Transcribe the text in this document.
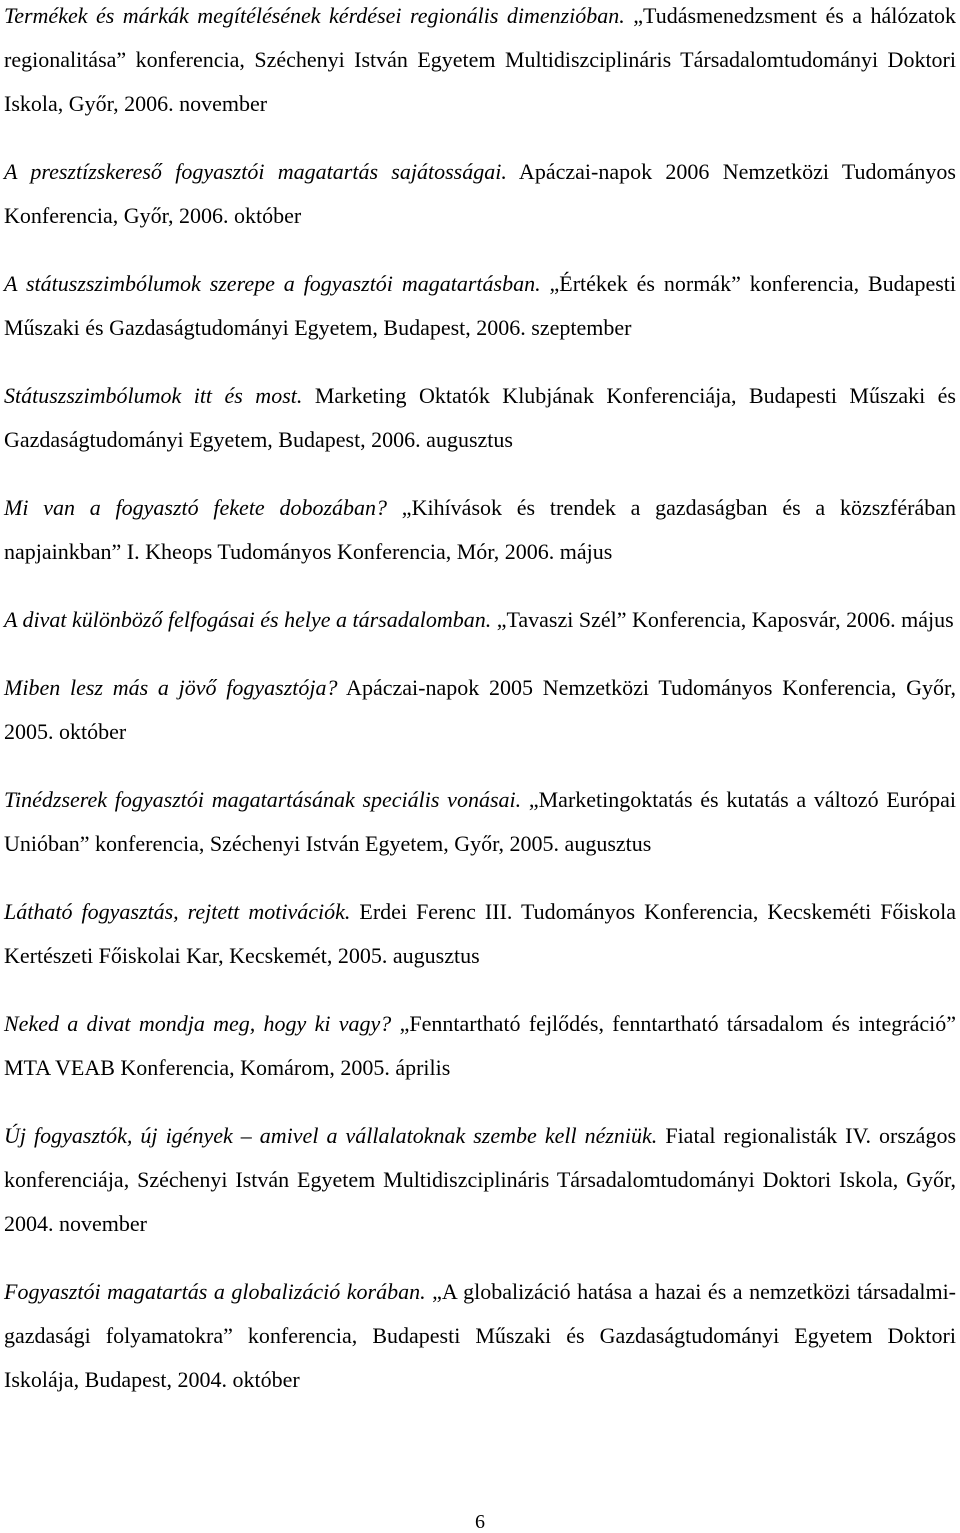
Termékek és márkák megítélésének kérdései regionális dimenzióban. „Tudásmenedzsment és a hálózatok regionalitása” konferencia, Széchenyi István Egyetem Multidiszciplináris Társadalomtudományi Doktori Iskola, Győr, 2006. november

A presztízskereső fogyasztói magatartás sajátosságai. Apáczai-napok 2006 Nemzetközi Tudományos Konferencia, Győr, 2006. október

A státuszszimbólumok szerepe a fogyasztói magatartásban. „Értékek és normák” konferencia, Budapesti Műszaki és Gazdaságtudományi Egyetem, Budapest, 2006. szeptember

Státuszszimbólumok itt és most. Marketing Oktatók Klubjának Konferenciája, Budapesti Műszaki és Gazdaságtudományi Egyetem, Budapest, 2006. augusztus

Mi van a fogyasztó fekete dobozában? „Kihívások és trendek a gazdaságban és a közszférában napjainkban” I. Kheops Tudományos Konferencia, Mór, 2006. május

A divat különböző felfogásai és helye a társadalomban. „Tavaszi Szél” Konferencia, Kaposvár, 2006. május

Miben lesz más a jövő fogyasztója? Apáczai-napok 2005 Nemzetközi Tudományos Konferencia, Győr, 2005. október

Tinédzserek fogyasztói magatartásának speciális vonásai. „Marketingoktatás és kutatás a változó Európai Unióban” konferencia, Széchenyi István Egyetem, Győr, 2005. augusztus

Látható fogyasztás, rejtett motivációk. Erdei Ferenc III. Tudományos Konferencia, Kecskeméti Főiskola Kertészeti Főiskolai Kar, Kecskemét, 2005. augusztus

Neked a divat mondja meg, hogy ki vagy? „Fenntartható fejlődés, fenntartható társadalom és integráció” MTA VEAB Konferencia, Komárom, 2005. április

Új fogyasztók, új igények – amivel a vállalatoknak szembe kell nézniük. Fiatal regionalisták IV. országos konferenciája, Széchenyi István Egyetem Multidiszciplináris Társadalomtudományi Doktori Iskola, Győr, 2004. november

Fogyasztói magatartás a globalizáció korában. „A globalizáció hatása a hazai és a nemzetközi társadalmi-gazdasági folyamatokra” konferencia, Budapesti Műszaki és Gazdaságtudományi Egyetem Doktori Iskolája, Budapest, 2004. október

6
